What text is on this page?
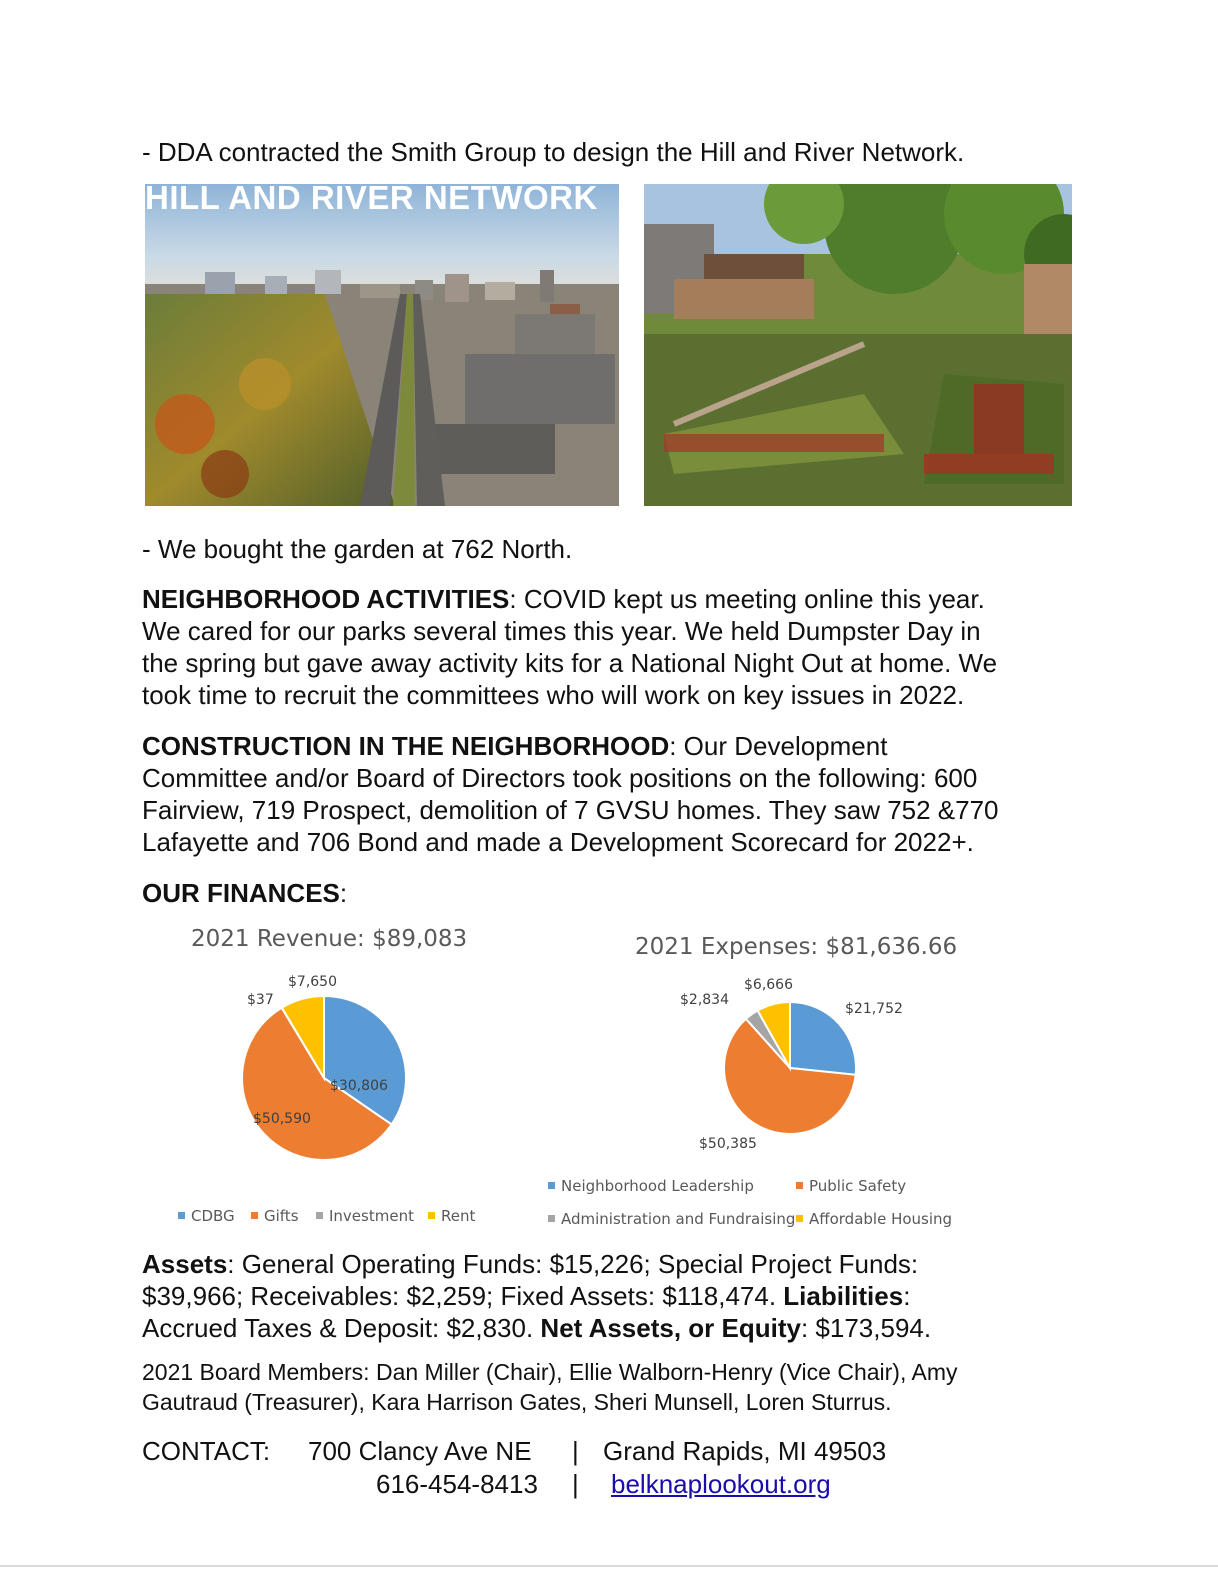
- DDA contracted the Smith Group to design the Hill and River Network.
HILL AND RIVER NETWORK
- We bought the garden at 762 North.
NEIGHBORHOOD ACTIVITIES: COVID kept us meeting online this year.
We cared for our parks several times this year. We held Dumpster Day in
the spring but gave away activity kits for a National Night Out at home. We
took time to recruit the committees who will work on key issues in 2022.
CONSTRUCTION IN THE NEIGHBORHOOD: Our Development
Committee and/or Board of Directors took positions on the following: 600
Fairview, 719 Prospect, demolition of 7 GVSU homes. They saw 752 &770
Lafayette and 706 Bond and made a Development Scorecard for 2022+.
OUR FINANCES:
2021 Revenue: $89,083
$30,806
$50,590
$37
$7,650
CDBG	Gifts	Investment	Rent
2021 Expenses: $81,636.66
$21,752
$50,385
$2,834
$6,666
Neighborhood Leadership	Public Safety
Administration and Fundraising Affordable Housing
Assets: General Operating Funds: $15,226; Special Project Funds:
$39,966; Receivables: $2,259; Fixed Assets: $118,474. Liabilities:
Accrued Taxes & Deposit: $2,830. Net Assets, or Equity: $173,594.
2021 Board Members: Dan Miller (Chair), Ellie Walborn-Henry (Vice Chair), Amy
Gautraud (Treasurer), Kara Harrison Gates, Sheri Munsell, Loren Sturrus.
CONTACT: 700 Clancy Ave NE | Grand Rapids, MI 49503
616-454-8413 | belknaplookout.org
